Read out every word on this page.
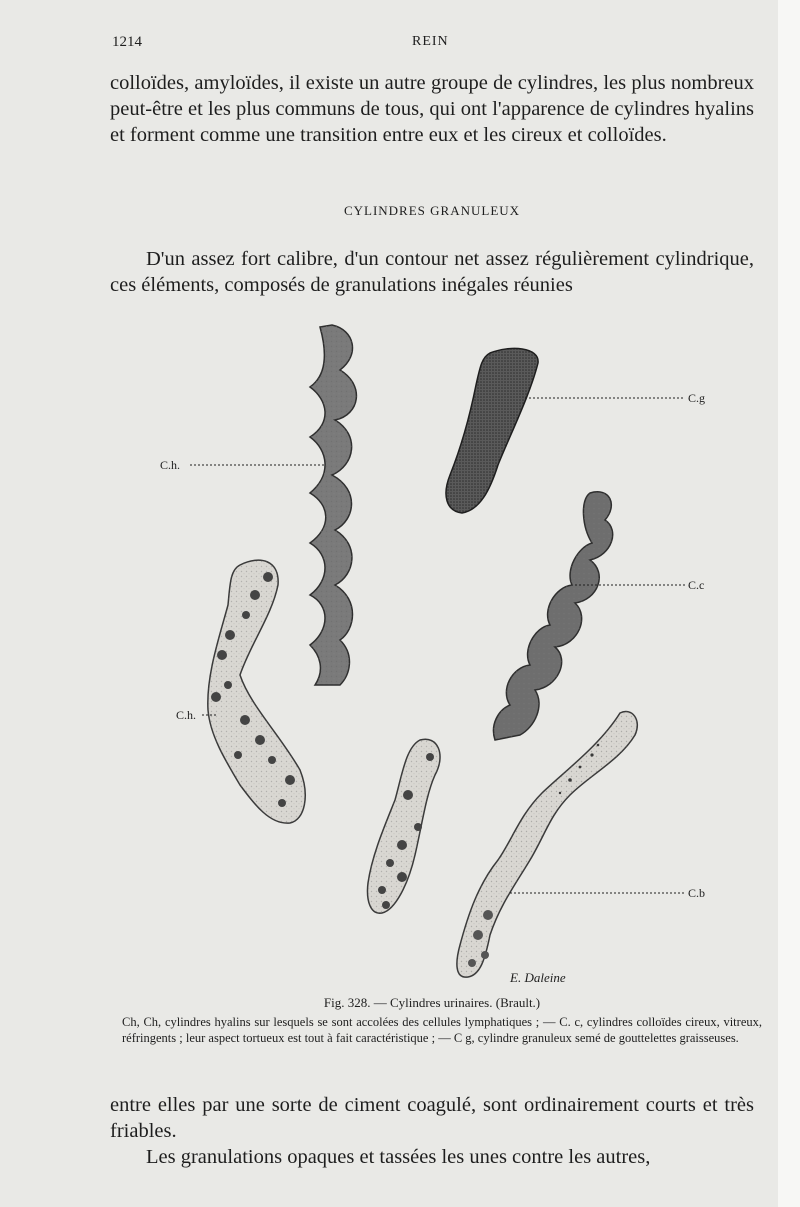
1214	REIN

colloïdes, amyloïdes, il existe un autre groupe de cylindres, les plus nombreux peut-être et les plus communs de tous, qui ont l'apparence de cylindres hyalins et forment comme une transition entre eux et les cireux et colloïdes.

CYLINDRES GRANULEUX

D'un assez fort calibre, d'un contour net assez régulièrement cylindrique, ces éléments, composés de granulations inégales réunies

C.h.
C.g
C.c
C.h.
C.b
E. Daleine
Fig. 328. — Cylindres urinaires. (Brault.)

Ch, Ch, cylindres hyalins sur lesquels se sont accolées des cellules lymphatiques ; — C. c, cylindres colloïdes cireux, vitreux, réfringents ; leur aspect tortueux est tout à fait caractéristique ; — C g, cylindre granuleux semé de gouttelettes graisseuses.

entre elles par une sorte de ciment coagulé, sont ordinairement courts et très friables.

Les granulations opaques et tassées les unes contre les autres,
